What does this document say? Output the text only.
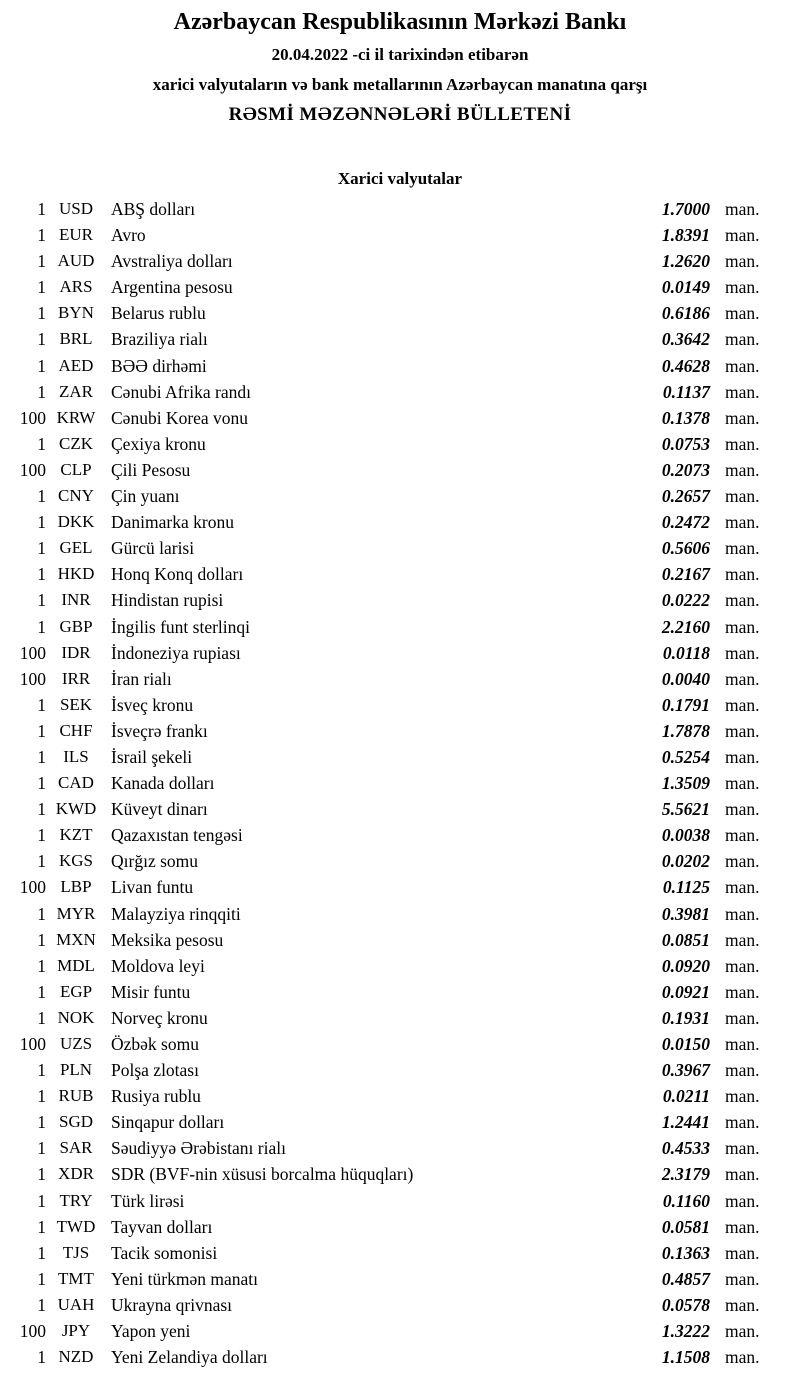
Azərbaycan Respublikasının Mərkəzi Bankı
20.04.2022 -ci il tarixindən etibarən
xarici valyutaların və bank metallarının Azərbaycan manatına qarşı
RƏSMİ MƏZƏNNƏLƏRİ BÜLLETENİ
Xarici valyutalar
1 USD	ABŞ dolları	1.7000 man.
1 EUR	Avro	1.8391 man.
1 AUD Avstraliya dolları	1.2620 man.
1 ARS	Argentina pesosu	0.0149 man.
1 BYN Belarus rublu	0.6186 man.
1 BRL	Braziliya rialı	0.3642 man.
1 AED	BƏƏ dirhəmi	0.4628 man.
1 ZAR	Cənubi Afrika randı	0.1137 man.
100 KRW Cənubi Korea vonu	0.1378 man.
1 CZK	Çexiya kronu	0.0753 man.
100 CLP	Çili Pesosu	0.2073 man.
1 CNY Çin yuanı	0.2657 man.
1 DKK Danimarka kronu	0.2472 man.
1 GEL	Gürcü larisi	0.5606 man.
1 HKD Honq Konq dolları	0.2167 man.
1 INR	Hindistan rupisi	0.0222 man.
1 GBP	İngilis funt sterlinqi	2.2160 man.
100 IDR	İndoneziya rupiası	0.0118 man.
100 IRR	İran rialı	0.0040 man.
1 SEK	İsveç kronu	0.1791 man.
1 CHF	İsveçrə frankı	1.7878 man.
1	ILS	İsrail şekeli	0.5254 man.
1 CAD Kanada dolları	1.3509 man.
1 KWD Küveyt dinarı	5.5621 man.
1 KZT	Qazaxıstan tengəsi	0.0038 man.
1 KGS	Qırğız somu	0.0202 man.
100 LBP	Livan funtu	0.1125 man.
1 MYR Malayziya rinqqiti	0.3981 man.
1 MXN Meksika pesosu	0.0851 man.
1 MDL Moldova leyi	0.0920 man.
1 EGP	Misir funtu	0.0921 man.
1 NOK Norveç kronu	0.1931 man.
100 UZS	Özbək somu	0.0150 man.
1 PLN	Polşa zlotası	0.3967 man.
1 RUB	Rusiya rublu	0.0211 man.
1 SGD	Sinqapur dolları	1.2441 man.
1 SAR	Səudiyyə Ərəbistanı rialı	0.4533 man.
1 XDR SDR (BVF-nin xüsusi borcalma hüquqları)	2.3179 man.
1 TRY	Türk lirəsi	0.1160 man.
1 TWD Tayvan dolları	0.0581 man.
1 TJS	Tacik somonisi	0.1363 man.
1 TMT Yeni türkmən manatı	0.4857 man.
1 UAH Ukrayna qrivnası	0.0578 man.
100 JPY	Yapon yeni	1.3222 man.
1 NZD	Yeni Zelandiya dolları	1.1508 man.
